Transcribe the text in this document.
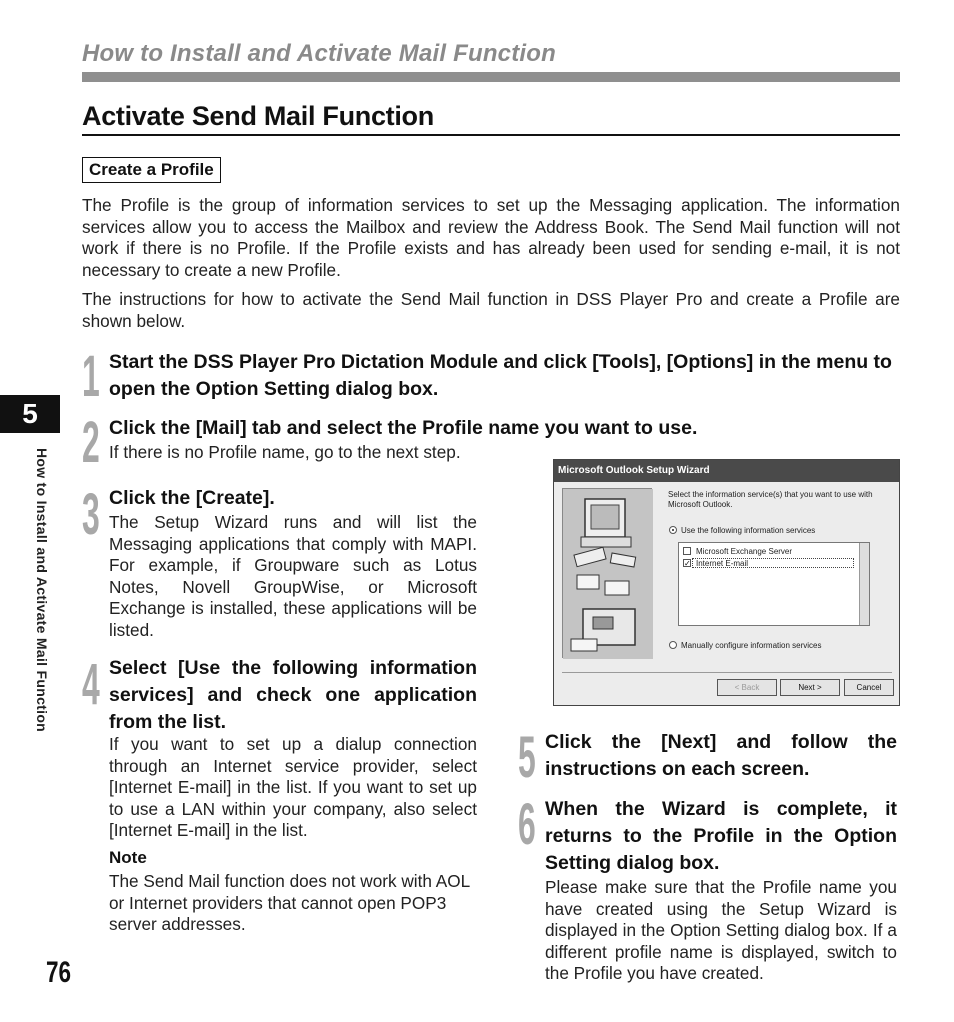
How to Install and Activate Mail Function
Activate Send Mail Function
Create a Profile
The Profile is the group of information services to set up the Messaging application. The information services allow you to access the Mailbox and review the Address Book. The Send Mail function will not work if there is no Profile. If the Profile exists and has already been used for sending e-mail, it is not necessary to create a new Profile.
The instructions for how to activate the Send Mail function in DSS Player Pro and create a Profile are shown below.
5
How to Install and Activate Mail Function
1 Start the DSS Player Pro Dictation Module and click [Tools], [Options] in the menu to open the Option Setting dialog box.
2 Click the [Mail] tab and select the Profile name you want to use.
If there is no Profile name, go to the next step.
3 Click the [Create].
The Setup Wizard runs and will list the Messaging applications that comply with MAPI. For example, if Groupware such as Lotus Notes, Novell GroupWise, or Microsoft Exchange is installed, these applications will be listed.
4 Select [Use the following information services] and check one application from the list.
If you want to set up a dialup connection through an Internet service provider, select [Internet E-mail] in the list. If you want to set up to use a LAN within your company, also select [Internet E-mail] in the list.
Note
The Send Mail function does not work with AOL or Internet providers that cannot open POP3 server addresses.
5 Click the [Next] and follow the instructions on each screen.
6 When the Wizard is complete, it returns to the Profile in the Option Setting dialog box.
Please make sure that the Profile name you have created using the Setup Wizard is displayed in the Option Setting dialog box. If a different profile name is displayed, switch to the Profile you have created.
Microsoft Outlook Setup Wizard
Select the information service(s) that you want to use with Microsoft Outlook.
Use the following information services
Microsoft Exchange Server
✓ Internet E-mail
Manually configure information services
< Back	Next >	Cancel
76
